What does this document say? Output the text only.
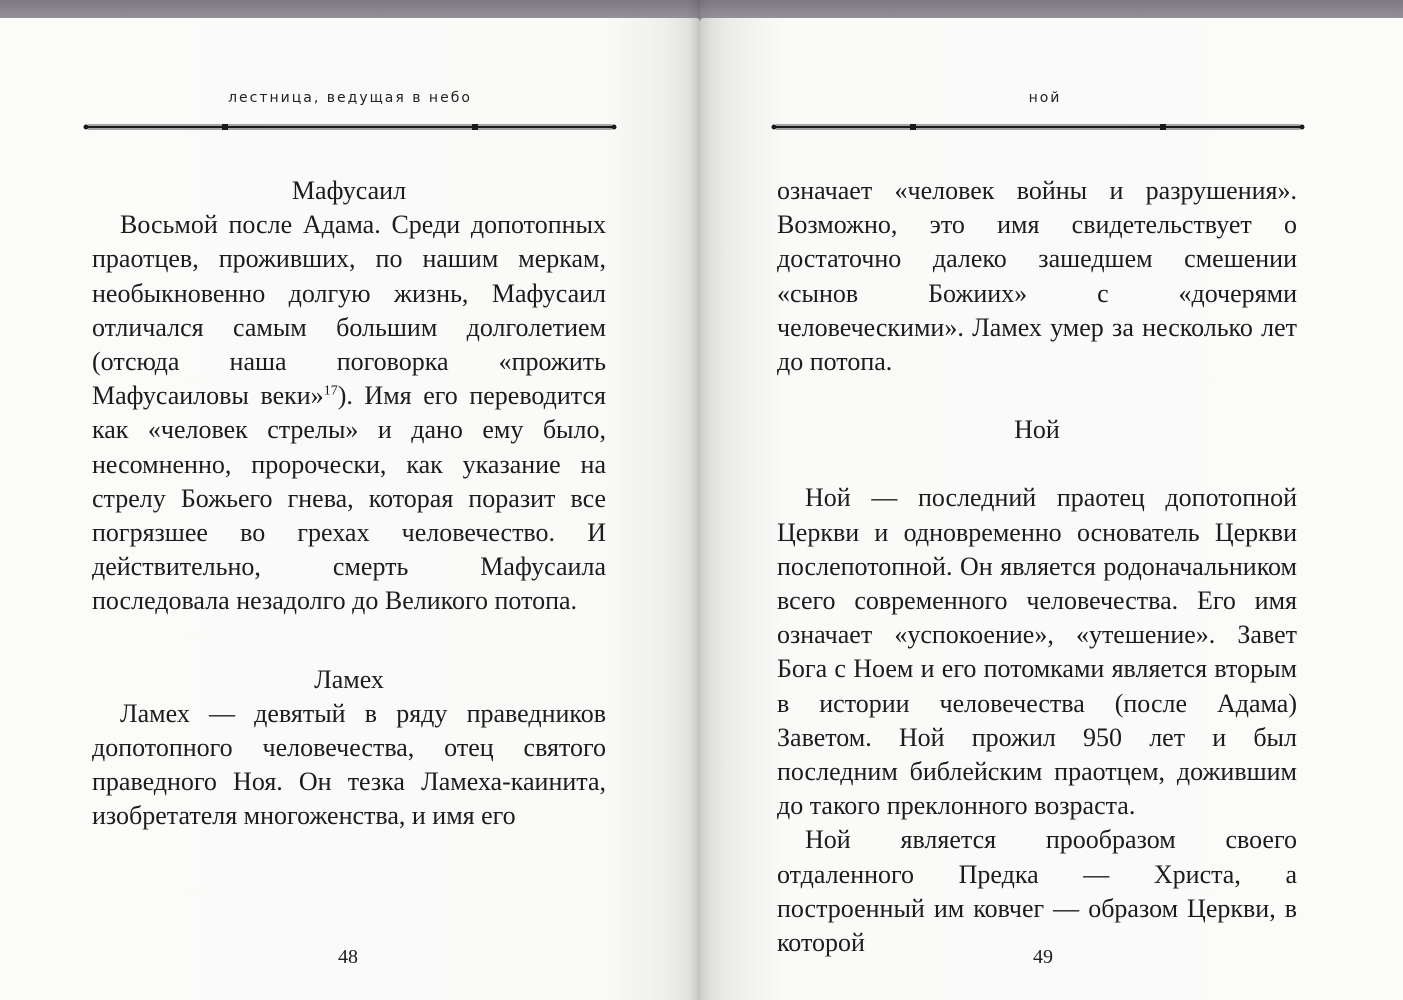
лестница, ведущая в небо

Мафусаил

Восьмой после Адама. Среди допотопных праотцев, проживших, по нашим меркам, необыкновенно долгую жизнь, Мафусаил отличался самым большим долголетием (отсюда наша поговорка «прожить Мафусаиловы веки»$^{17}$). Имя его переводится как «человек стрелы» и дано ему было, несомненно, пророчески, как указание на стрелу Божьего гнева, которая поразит все погрязшее во грехах человечество. И действительно, смерть Мафусаила последовала незадолго до Великого потопа.

Ламех

Ламех — девятый в ряду праведников допотопного человечества, отец святого праведного Ноя. Он тезка Ламеха-каинита, изобретателя многоженства, и имя его

48
ной

означает «человек войны и разрушения». Возможно, это имя свидетельствует о достаточно далеко зашедшем смешении «сынов Божиих» с «дочерями человеческими». Ламех умер за несколько лет до потопа.

Ной

Ной — последний праотец допотопной Церкви и одновременно основатель Церкви послепотопной. Он является родоначальником всего современного человечества. Его имя означает «успокоение», «утешение». Завет Бога с Ноем и его потомками является вторым в истории человечества (после Адама) Заветом. Ной прожил 950 лет и был последним библейским праотцем, дожившим до такого преклонного возраста.

Ной является прообразом своего отдаленного Предка — Христа, а построенный им ковчег — образом Церкви, в которой	49
